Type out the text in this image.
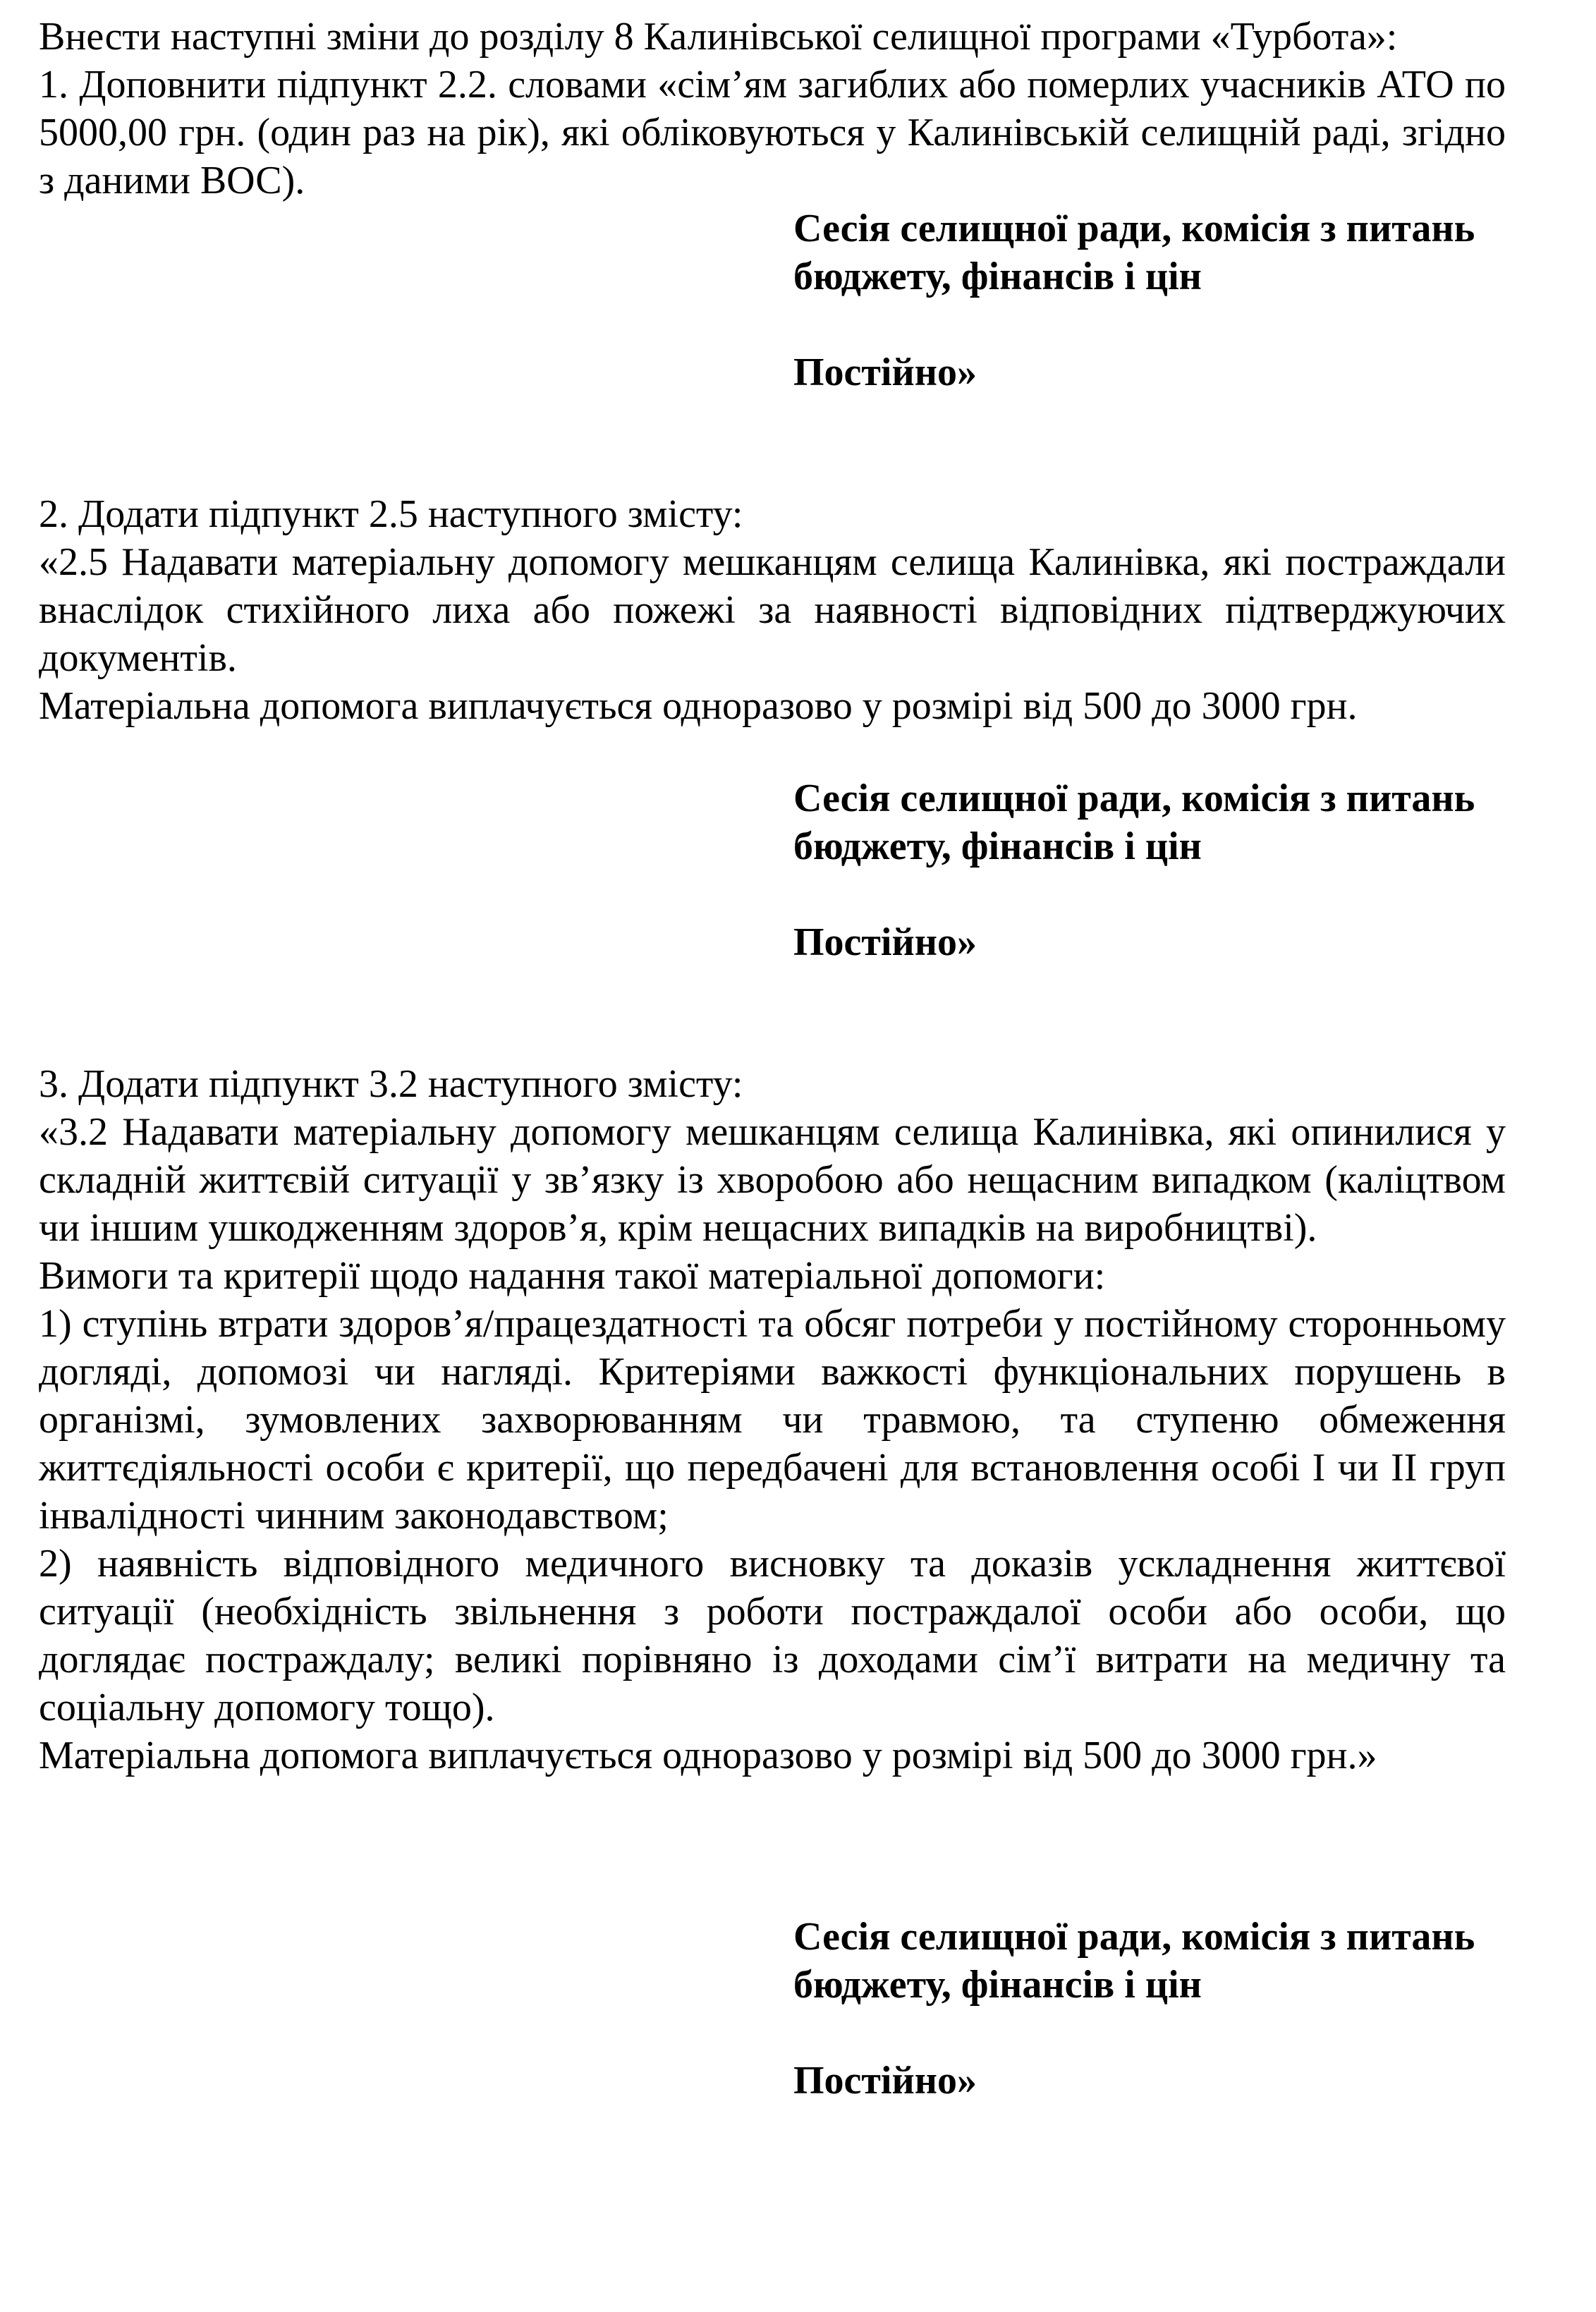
Внести наступні зміни до розділу 8 Калинівської селищної програми «Турбота»:

1. Доповнити підпункт 2.2. словами «сім’ям загиблих або померлих учасників АТО по 5000,00 грн. (один раз на рік), які обліковуються у Калинівській селищній раді, згідно з даними ВОС).

Сесія селищної ради, комісія з питань
бюджету, фінансів і цін
Постійно»

2. Додати підпункт 2.5 наступного змісту:

«2.5 Надавати матеріальну допомогу мешканцям селища Калинівка, які постраждали внаслідок стихійного лиха або пожежі за наявності відповідних підтверджуючих документів.

Матеріальна допомога виплачується одноразово у розмірі від 500 до 3000 грн.

Сесія селищної ради, комісія з питань
бюджету, фінансів і цін
Постійно»

3. Додати підпункт 3.2 наступного змісту:

«3.2 Надавати матеріальну допомогу мешканцям селища Калинівка, які опинилися у складній життєвій ситуації у зв’язку із хворобою або нещасним випадком (каліцтвом чи іншим ушкодженням здоров’я, крім нещасних випадків на виробництві).

Вимоги та критерії щодо надання такої матеріальної допомоги:

1) ступінь втрати здоров’я/працездатності та обсяг потреби у постійному сторонньому догляді, допомозі чи нагляді. Критеріями важкості функціональних порушень в організмі, зумовлених захворюванням чи травмою, та ступеню обмеження життєдіяльності особи є критерії, що передбачені для встановлення особі I чи II груп інвалідності чинним законодавством;

2) наявність відповідного медичного висновку та доказів ускладнення життєвої ситуації (необхідність звільнення з роботи постраждалої особи або особи, що доглядає постраждалу; великі порівняно із доходами сім’ї витрати на медичну та соціальну допомогу тощо).

Матеріальна допомога виплачується одноразово у розмірі від 500 до 3000 грн.»

Сесія селищної ради, комісія з питань
бюджету, фінансів і цін
Постійно»
